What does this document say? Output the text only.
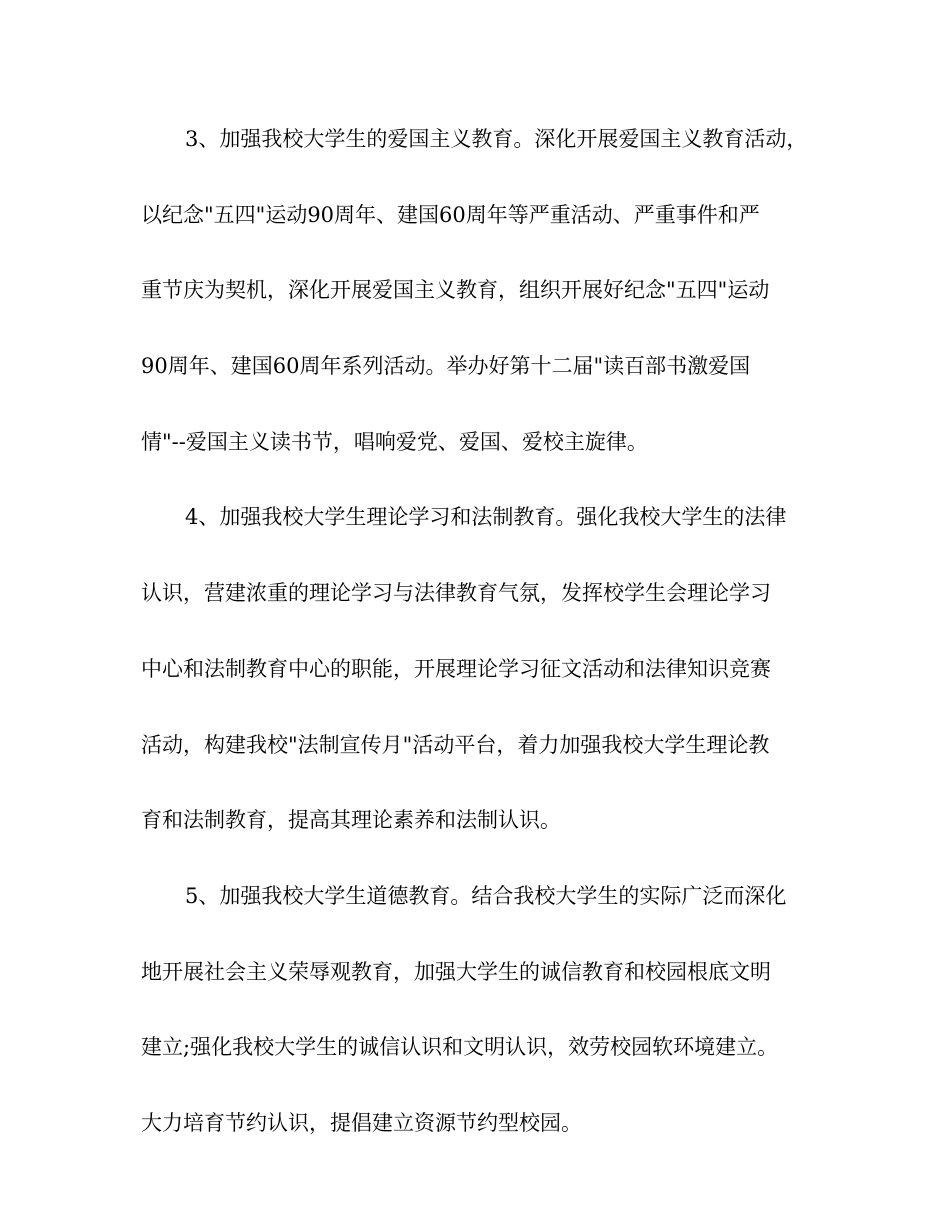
3、加强我校大学生的爱国主义教育。深化开展爱国主义教育活动，
以纪念"五四"运动90周年、建国60周年等严重活动、严重事件和严
重节庆为契机，深化开展爱国主义教育，组织开展好纪念"五四"运动
90周年、建国60周年系列活动。举办好第十二届"读百部书激爱国
情"--爱国主义读书节，唱响爱党、爱国、爱校主旋律。
4、加强我校大学生理论学习和法制教育。强化我校大学生的法律
认识，营建浓重的理论学习与法律教育气氛，发挥校学生会理论学习
中心和法制教育中心的职能，开展理论学习征文活动和法律知识竞赛
活动，构建我校"法制宣传月"活动平台，着力加强我校大学生理论教
育和法制教育，提高其理论素养和法制认识。
5、加强我校大学生道德教育。结合我校大学生的实际广泛而深化
地开展社会主义荣辱观教育，加强大学生的诚信教育和校园根底文明
建立;强化我校大学生的诚信认识和文明认识，效劳校园软环境建立。
大力培育节约认识，提倡建立资源节约型校园。
